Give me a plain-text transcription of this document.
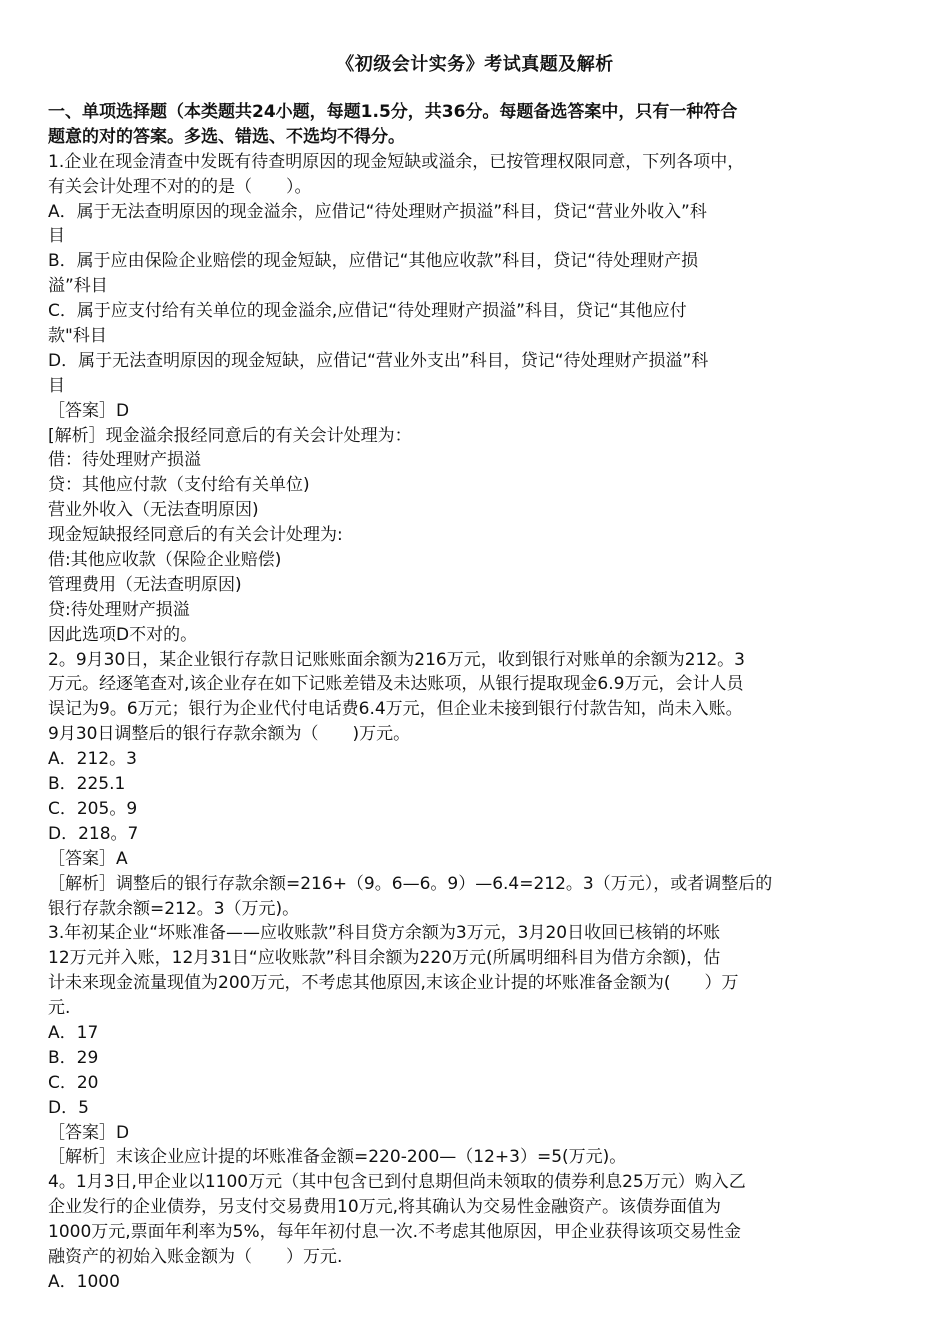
《初级会计实务》考试真题及解析
一、单项选择题（本类题共24小题，每题1.5分，共36分。每题备选答案中，只有一种符合
题意的对的答案。多选、错选、不选均不得分。
1.企业在现金清查中发既有待查明原因的现金短缺或溢余，已按管理权限同意，下列各项中，
有关会计处理不对的的是（　　）。
A．属于无法查明原因的现金溢余，应借记“待处理财产损溢”科目，贷记“营业外收入”科
目
B．属于应由保险企业赔偿的现金短缺，应借记“其他应收款”科目，贷记“待处理财产损
溢”科目
C．属于应支付给有关单位的现金溢余,应借记“待处理财产损溢”科目，贷记“其他应付
款"科目
D．属于无法查明原因的现金短缺，应借记“营业外支出”科目，贷记“待处理财产损溢”科
目
［答案］D
[解析］现金溢余报经同意后的有关会计处理为：
借：待处理财产损溢
贷：其他应付款（支付给有关单位)
营业外收入（无法查明原因)
现金短缺报经同意后的有关会计处理为:
借:其他应收款（保险企业赔偿)
管理费用（无法查明原因)
贷:待处理财产损溢
因此选项D不对的。
2。9月30日，某企业银行存款日记账账面余额为216万元，收到银行对账单的余额为212。3
万元。经逐笔查对,该企业存在如下记账差错及未达账项，从银行提取现金6.9万元，会计人员
误记为9。6万元；银行为企业代付电话费6.4万元，但企业未接到银行付款告知，尚未入账。
9月30日调整后的银行存款余额为（　　)万元。
A．212。3
B．225.1
C．205。9
D．218。7
［答案］A
［解析］调整后的银行存款余额=216+（9。6—6。9）—6.4=212。3（万元），或者调整后的
银行存款余额=212。3（万元)。
3.年初某企业“坏账准备——应收账款”科目贷方余额为3万元，3月20日收回已核销的坏账
12万元并入账，12月31日“应收账款”科目余额为220万元(所属明细科目为借方余额)，估
计未来现金流量现值为200万元，不考虑其他原因,末该企业计提的坏账准备金额为(　　）万
元.
A．17
B．29
C．20
D．5
［答案］D
［解析］末该企业应计提的坏账准备金额=220-200—（12+3）=5(万元)。
4。1月3日,甲企业以1100万元（其中包含已到付息期但尚未领取的债券利息25万元）购入乙
企业发行的企业债券，另支付交易费用10万元,将其确认为交易性金融资产。该债券面值为
1000万元,票面年利率为5%，每年年初付息一次.不考虑其他原因，甲企业获得该项交易性金
融资产的初始入账金额为（　　）万元.
A．1000
